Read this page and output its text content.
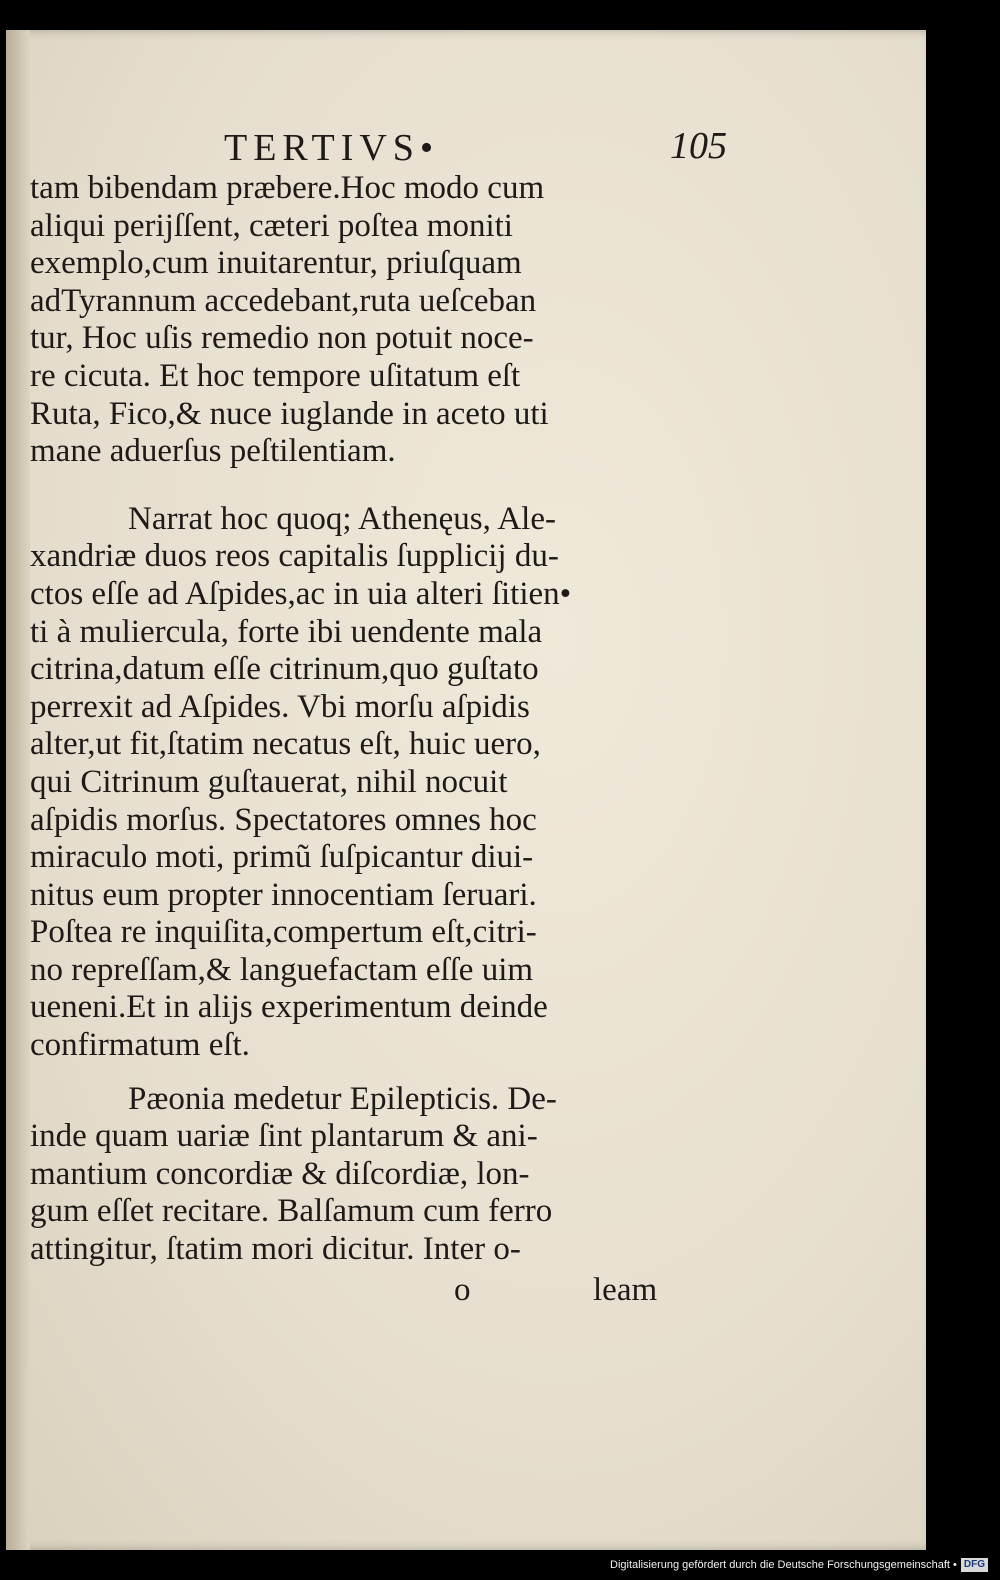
TERTIVS•	105
tam bibendam præbere.Hoc modo cum
aliqui perijſſent, cæteri poſtea moniti
exemplo,cum inuitarentur, priuſquam
adTyrannum accedebant,ruta ueſceban
tur, Hoc uſis remedio non potuit noce-
re cicuta. Et hoc tempore uſitatum eſt
Ruta, Fico,& nuce iuglande in aceto uti
mane aduerſus peſtilentiam.
Narrat hoc quoq; Athenęus, Ale-
xandriæ duos reos capitalis ſupplicij du-
ctos eſſe ad Aſpides,ac in uia alteri ſitien•
ti à muliercula, forte ibi uendente mala
citrina,datum eſſe citrinum,quo guſtato
perrexit ad Aſpides. Vbi morſu aſpidis
alter,ut fit,ſtatim necatus eſt, huic uero,
qui Citrinum guſtauerat, nihil nocuit
aſpidis morſus. Spectatores omnes hoc
miraculo moti, primũ ſuſpicantur diui-
nitus eum propter innocentiam ſeruari.
Poſtea re inquiſita,compertum eſt,citri-
no repreſſam,& languefactam eſſe uim
ueneni.Et in alijs experimentum deinde
confirmatum eſt.
Pæonia medetur Epilepticis. De-
inde quam uariæ ſint plantarum & ani-
mantium concordiæ & diſcordiæ, lon-
gum eſſet recitare. Balſamum cum ferro
attingitur, ſtatim mori dicitur. Inter o-
o	leam
Digitalisierung gefördert durch die Deutsche Forschungsgemeinschaft • DFG
